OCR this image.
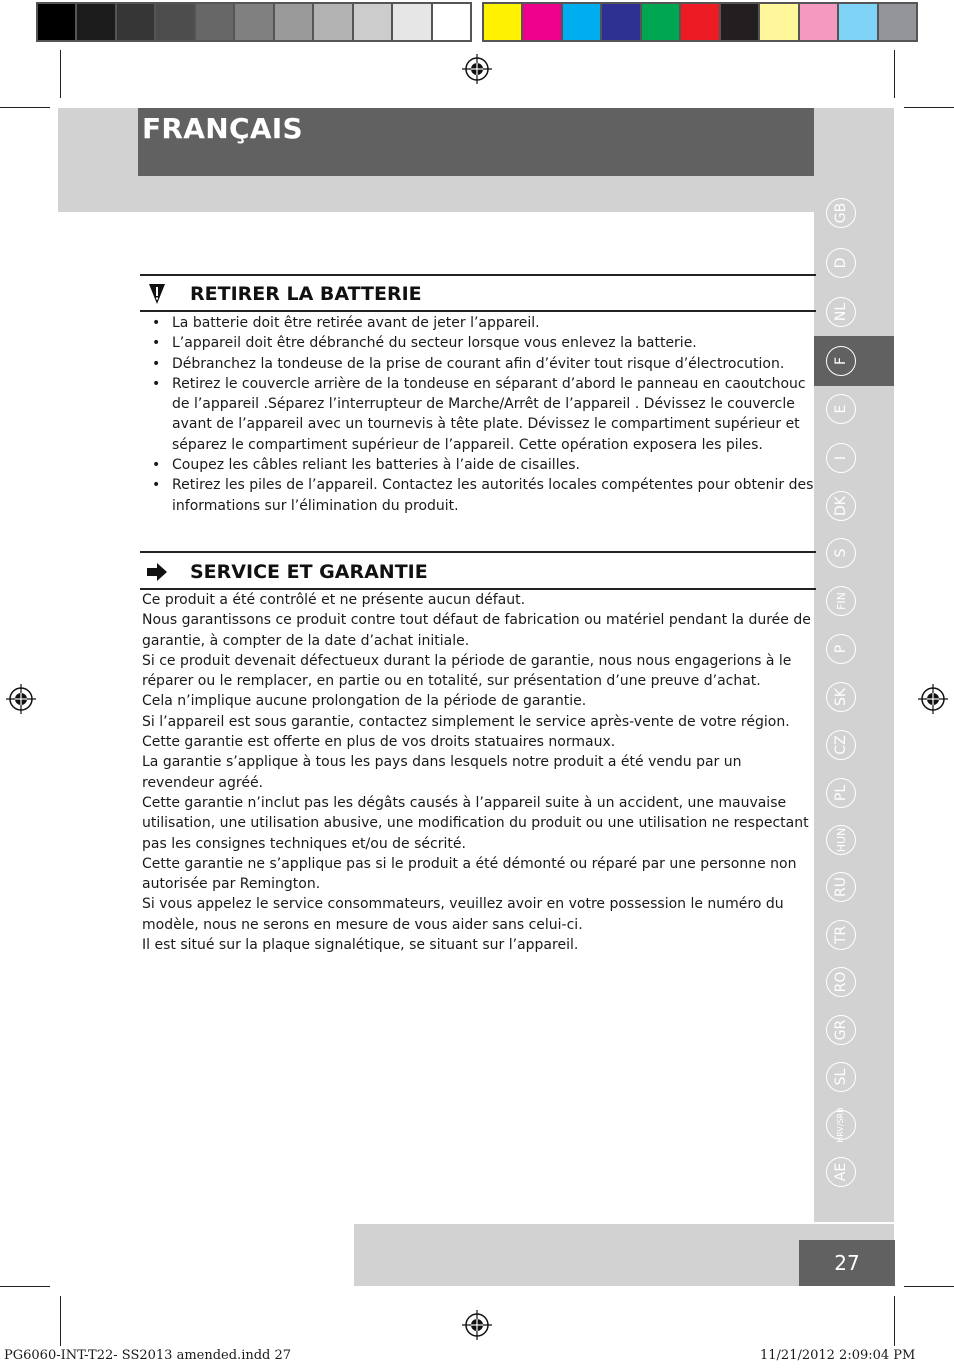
FRANÇAIS
GB
D
NL
F
E
I
DK
S
FIN
P
SK
CZ
PL
HUN
RU
TR
RO
GR
SL
HRV/SRB
AE
RETIRER LA BATTERIE
• La batterie doit être retirée avant de jeter l’appareil.
• L’appareil doit être débranché du secteur lorsque vous enlevez la batterie.
• Débranchez la tondeuse de la prise de courant afin d’éviter tout risque d’électrocution.
• Retirez le couvercle arrière de la tondeuse en séparant d’abord le panneau en caoutchouc de l’appareil .Séparez l’interrupteur de Marche/Arrêt de l’appareil . Dévissez le couvercle avant de l’appareil avec un tournevis à tête plate. Dévissez le compartiment supérieur et séparez le compartiment supérieur de l’appareil. Cette opération exposera les piles.
• Coupez les câbles reliant les batteries à l’aide de cisailles.
• Retirez les piles de l’appareil. Contactez les autorités locales compétentes pour obtenir des informations sur l’élimination du produit.
SERVICE ET GARANTIE

Ce produit a été contrôlé et ne présente aucun défaut.

Nous garantissons ce produit contre tout défaut de fabrication ou matériel pendant la durée de garantie, à compter de la date d’achat initiale.

Si ce produit devenait défectueux durant la période de garantie, nous nous engagerions à le réparer ou le remplacer, en partie ou en totalité, sur présentation d’une preuve d’achat.

Cela n’implique aucune prolongation de la période de garantie.

Si l’appareil est sous garantie, contactez simplement le service après-vente de votre région.

Cette garantie est offerte en plus de vos droits statuaires normaux.

La garantie s’applique à tous les pays dans lesquels notre produit a été vendu par un revendeur agréé.

Cette garantie n’inclut pas les dégâts causés à l’appareil suite à un accident, une mauvaise utilisation, une utilisation abusive, une modification du produit ou une utilisation ne respectant pas les consignes techniques et/ou de sécrité.

Cette garantie ne s’applique pas si le produit a été démonté ou réparé par une personne non autorisée par Remington.

Si vous appelez le service consommateurs, veuillez avoir en votre possession le numéro du modèle, nous ne serons en mesure de vous aider sans celui-ci.

Il est situé sur la plaque signalétique, se situant sur l’appareil.

27
PG6060-INT-T22- SS2013 amended.indd 27	11/21/2012 2:09:04 PM
